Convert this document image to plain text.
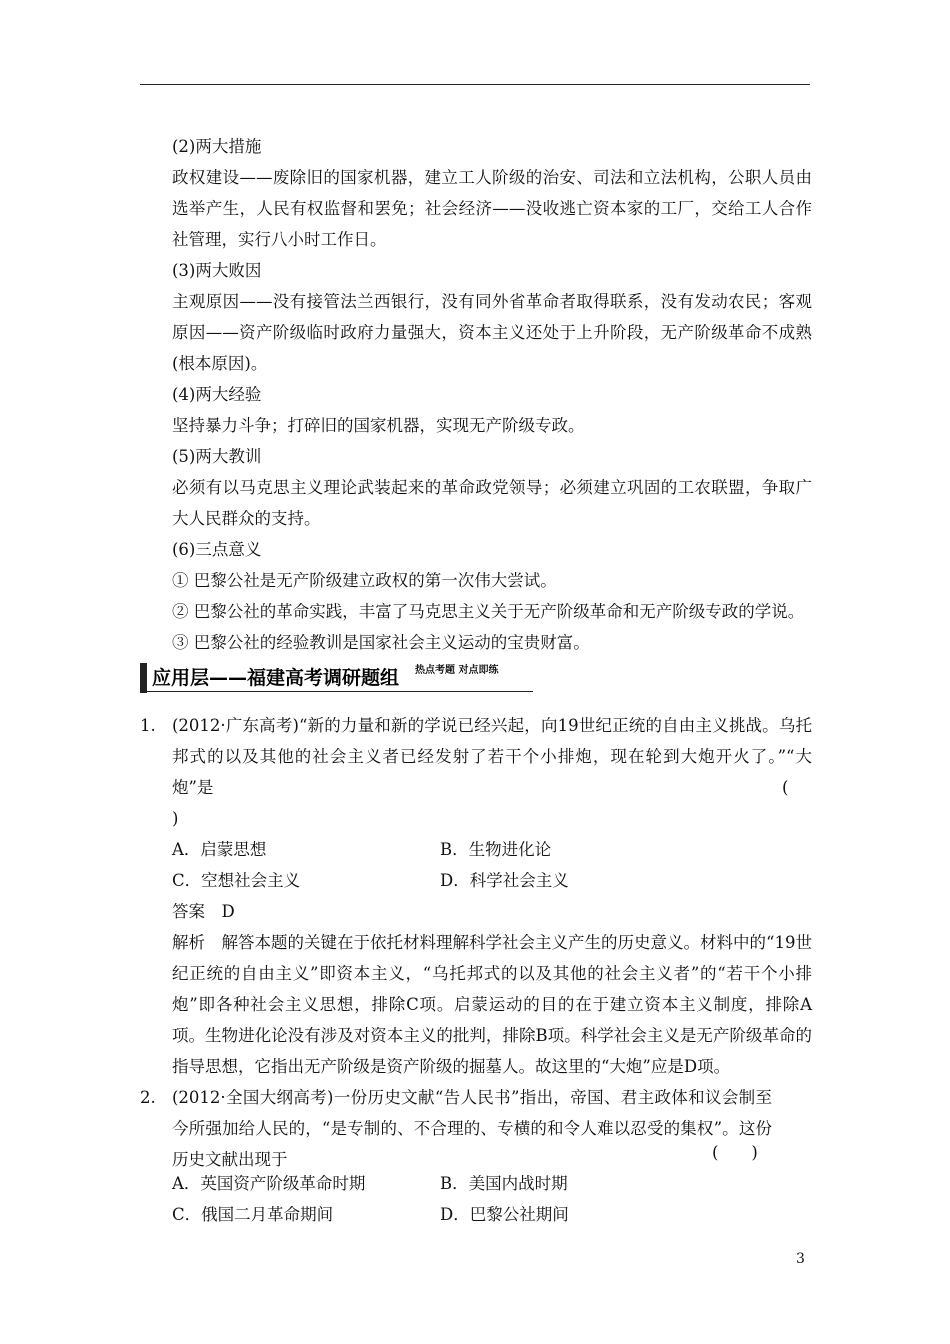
(2)两大措施
政权建设——废除旧的国家机器，建立工人阶级的治安、司法和立法机构，公职人员由选举产生，人民有权监督和罢免；社会经济——没收逃亡资本家的工厂，交给工人合作社管理，实行八小时工作日。
(3)两大败因
主观原因——没有接管法兰西银行，没有同外省革命者取得联系，没有发动农民；客观原因——资产阶级临时政府力量强大，资本主义还处于上升阶段，无产阶级革命不成熟(根本原因)。
(4)两大经验
坚持暴力斗争；打碎旧的国家机器，实现无产阶级专政。
(5)两大教训
必须有以马克思主义理论武装起来的革命政党领导；必须建立巩固的工农联盟，争取广大人民群众的支持。
(6)三点意义
① 巴黎公社是无产阶级建立政权的第一次伟大尝试。
② 巴黎公社的革命实践，丰富了马克思主义关于无产阶级革命和无产阶级专政的学说。
③ 巴黎公社的经验教训是国家社会主义运动的宝贵财富。
应用层——福建高考调研题组 热点考题 对点即练
1. (2012·广东高考)“新的力量和新的学说已经兴起，向19世纪正统的自由主义挑战。乌托邦式的以及其他的社会主义者已经发射了若干个小排炮，现在轮到大炮开火了。”“大炮”是	(
)
A．启蒙思想	B．生物进化论
C．空想社会主义	D．科学社会主义
答案　D
解析　解答本题的关键在于依托材料理解科学社会主义产生的历史意义。材料中的“19世纪正统的自由主义”即资本主义，“乌托邦式的以及其他的社会主义者”的“若干个小排炮”即各种社会主义思想，排除C项。启蒙运动的目的在于建立资本主义制度，排除A项。生物进化论没有涉及对资本主义的批判，排除B项。科学社会主义是无产阶级革命的指导思想，它指出无产阶级是资产阶级的掘墓人。故这里的“大炮”应是D项。
2. (2012·全国大纲高考)一份历史文献“告人民书”指出，帝国、君主政体和议会制至今所强加给人民的，“是专制的、不合理的、专横的和令人难以忍受的集权”。这份历史文献出现于	(　　)
A．英国资产阶级革命时期	B．美国内战时期
C．俄国二月革命期间	D．巴黎公社期间
3
